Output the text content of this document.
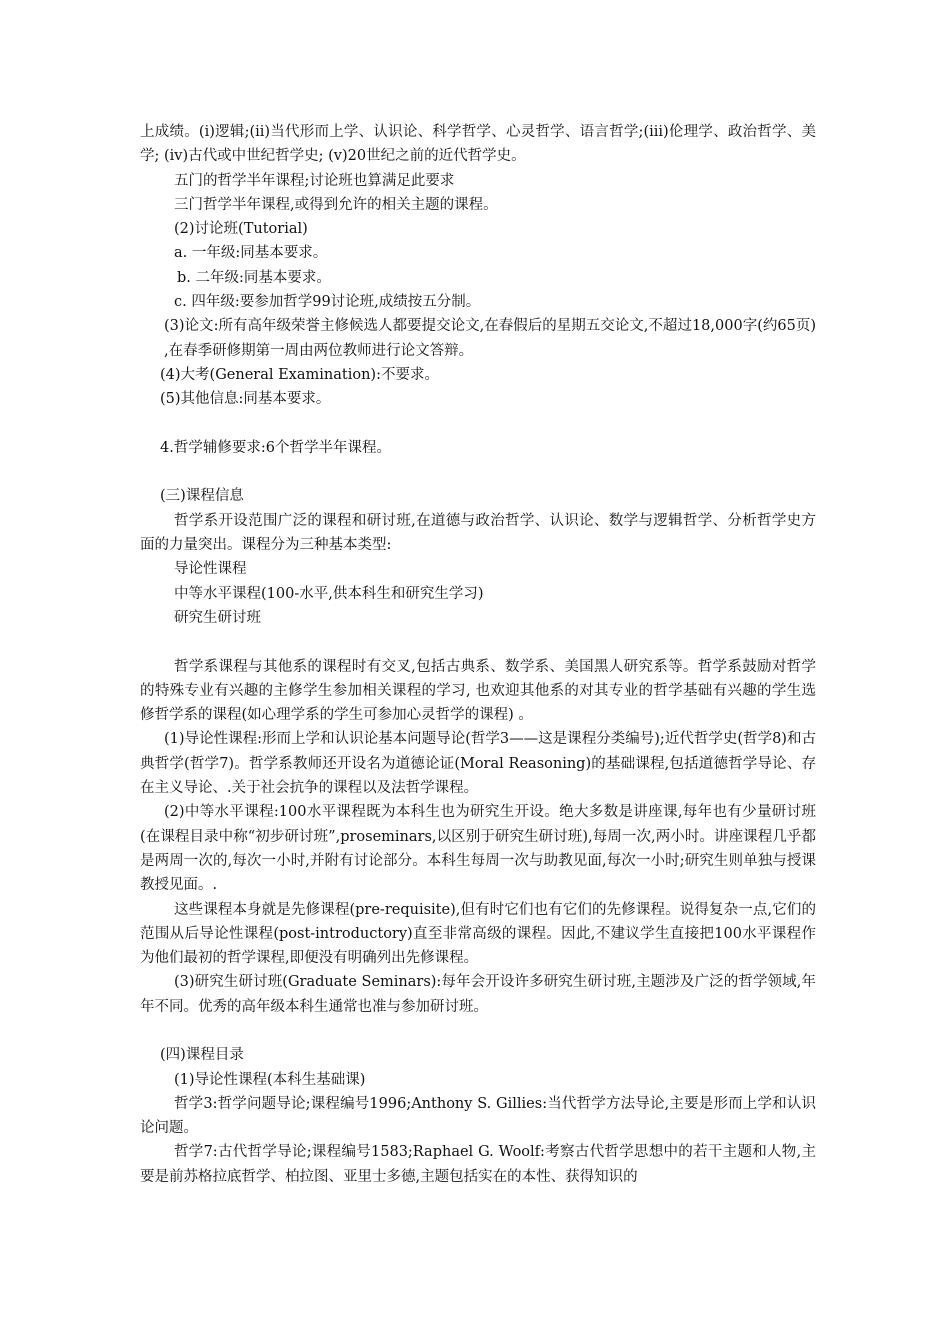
上成绩。(i)逻辑;(ii)当代形而上学、认识论、科学哲学、心灵哲学、语言哲学;(iii)伦理学、政治哲学、美学; (iv)古代或中世纪哲学史; (v)20世纪之前的近代哲学史。

五门的哲学半年课程;讨论班也算满足此要求

三门哲学半年课程,或得到允许的相关主题的课程。

(2)讨论班(Tutorial)

a. 一年级:同基本要求。

b. 二年级:同基本要求。

c. 四年级:要参加哲学99讨论班,成绩按五分制。

(3)论文:所有高年级荣誉主修候选人都要提交论文,在春假后的星期五交论文,不超过18,000字(约65页) ,在春季研修期第一周由两位教师进行论文答辩。

(4)大考(General Examination):不要求。

(5)其他信息:同基本要求。

4.哲学辅修要求:6个哲学半年课程。

(三)课程信息

哲学系开设范围广泛的课程和研讨班,在道德与政治哲学、认识论、数学与逻辑哲学、分析哲学史方面的力量突出。课程分为三种基本类型:

导论性课程

中等水平课程(100-水平,供本科生和研究生学习)

研究生研讨班

哲学系课程与其他系的课程时有交叉,包括古典系、数学系、美国黑人研究系等。哲学系鼓励对哲学的特殊专业有兴趣的主修学生参加相关课程的学习, 也欢迎其他系的对其专业的哲学基础有兴趣的学生选修哲学系的课程(如心理学系的学生可参加心灵哲学的课程) 。

(1)导论性课程:形而上学和认识论基本问题导论(哲学3——这是课程分类编号);近代哲学史(哲学8)和古典哲学(哲学7)。哲学系教师还开设名为道德论证(Moral Reasoning)的基础课程,包括道德哲学导论、存在主义导论、.关于社会抗争的课程以及法哲学课程。

(2)中等水平课程:100水平课程既为本科生也为研究生开设。绝大多数是讲座课,每年也有少量研讨班(在课程目录中称“初步研讨班”,proseminars,以区别于研究生研讨班),每周一次,两小时。讲座课程几乎都是两周一次的,每次一小时,并附有讨论部分。本科生每周一次与助教见面,每次一小时;研究生则单独与授课教授见面。.

这些课程本身就是先修课程(pre-requisite),但有时它们也有它们的先修课程。说得复杂一点,它们的范围从后导论性课程(post-introductory)直至非常高级的课程。因此,不建议学生直接把100水平课程作为他们最初的哲学课程,即便没有明确列出先修课程。

(3)研究生研讨班(Graduate Seminars):每年会开设许多研究生研讨班,主题涉及广泛的哲学领域,年年不同。优秀的高年级本科生通常也准与参加研讨班。

(四)课程目录

(1)导论性课程(本科生基础课)

哲学3:哲学问题导论;课程编号1996;Anthony S. Gillies:当代哲学方法导论,主要是形而上学和认识论问题。

哲学7:古代哲学导论;课程编号1583;Raphael G. Woolf:考察古代哲学思想中的若干主题和人物,主要是前苏格拉底哲学、柏拉图、亚里士多德,主题包括实在的本性、获得知识的
